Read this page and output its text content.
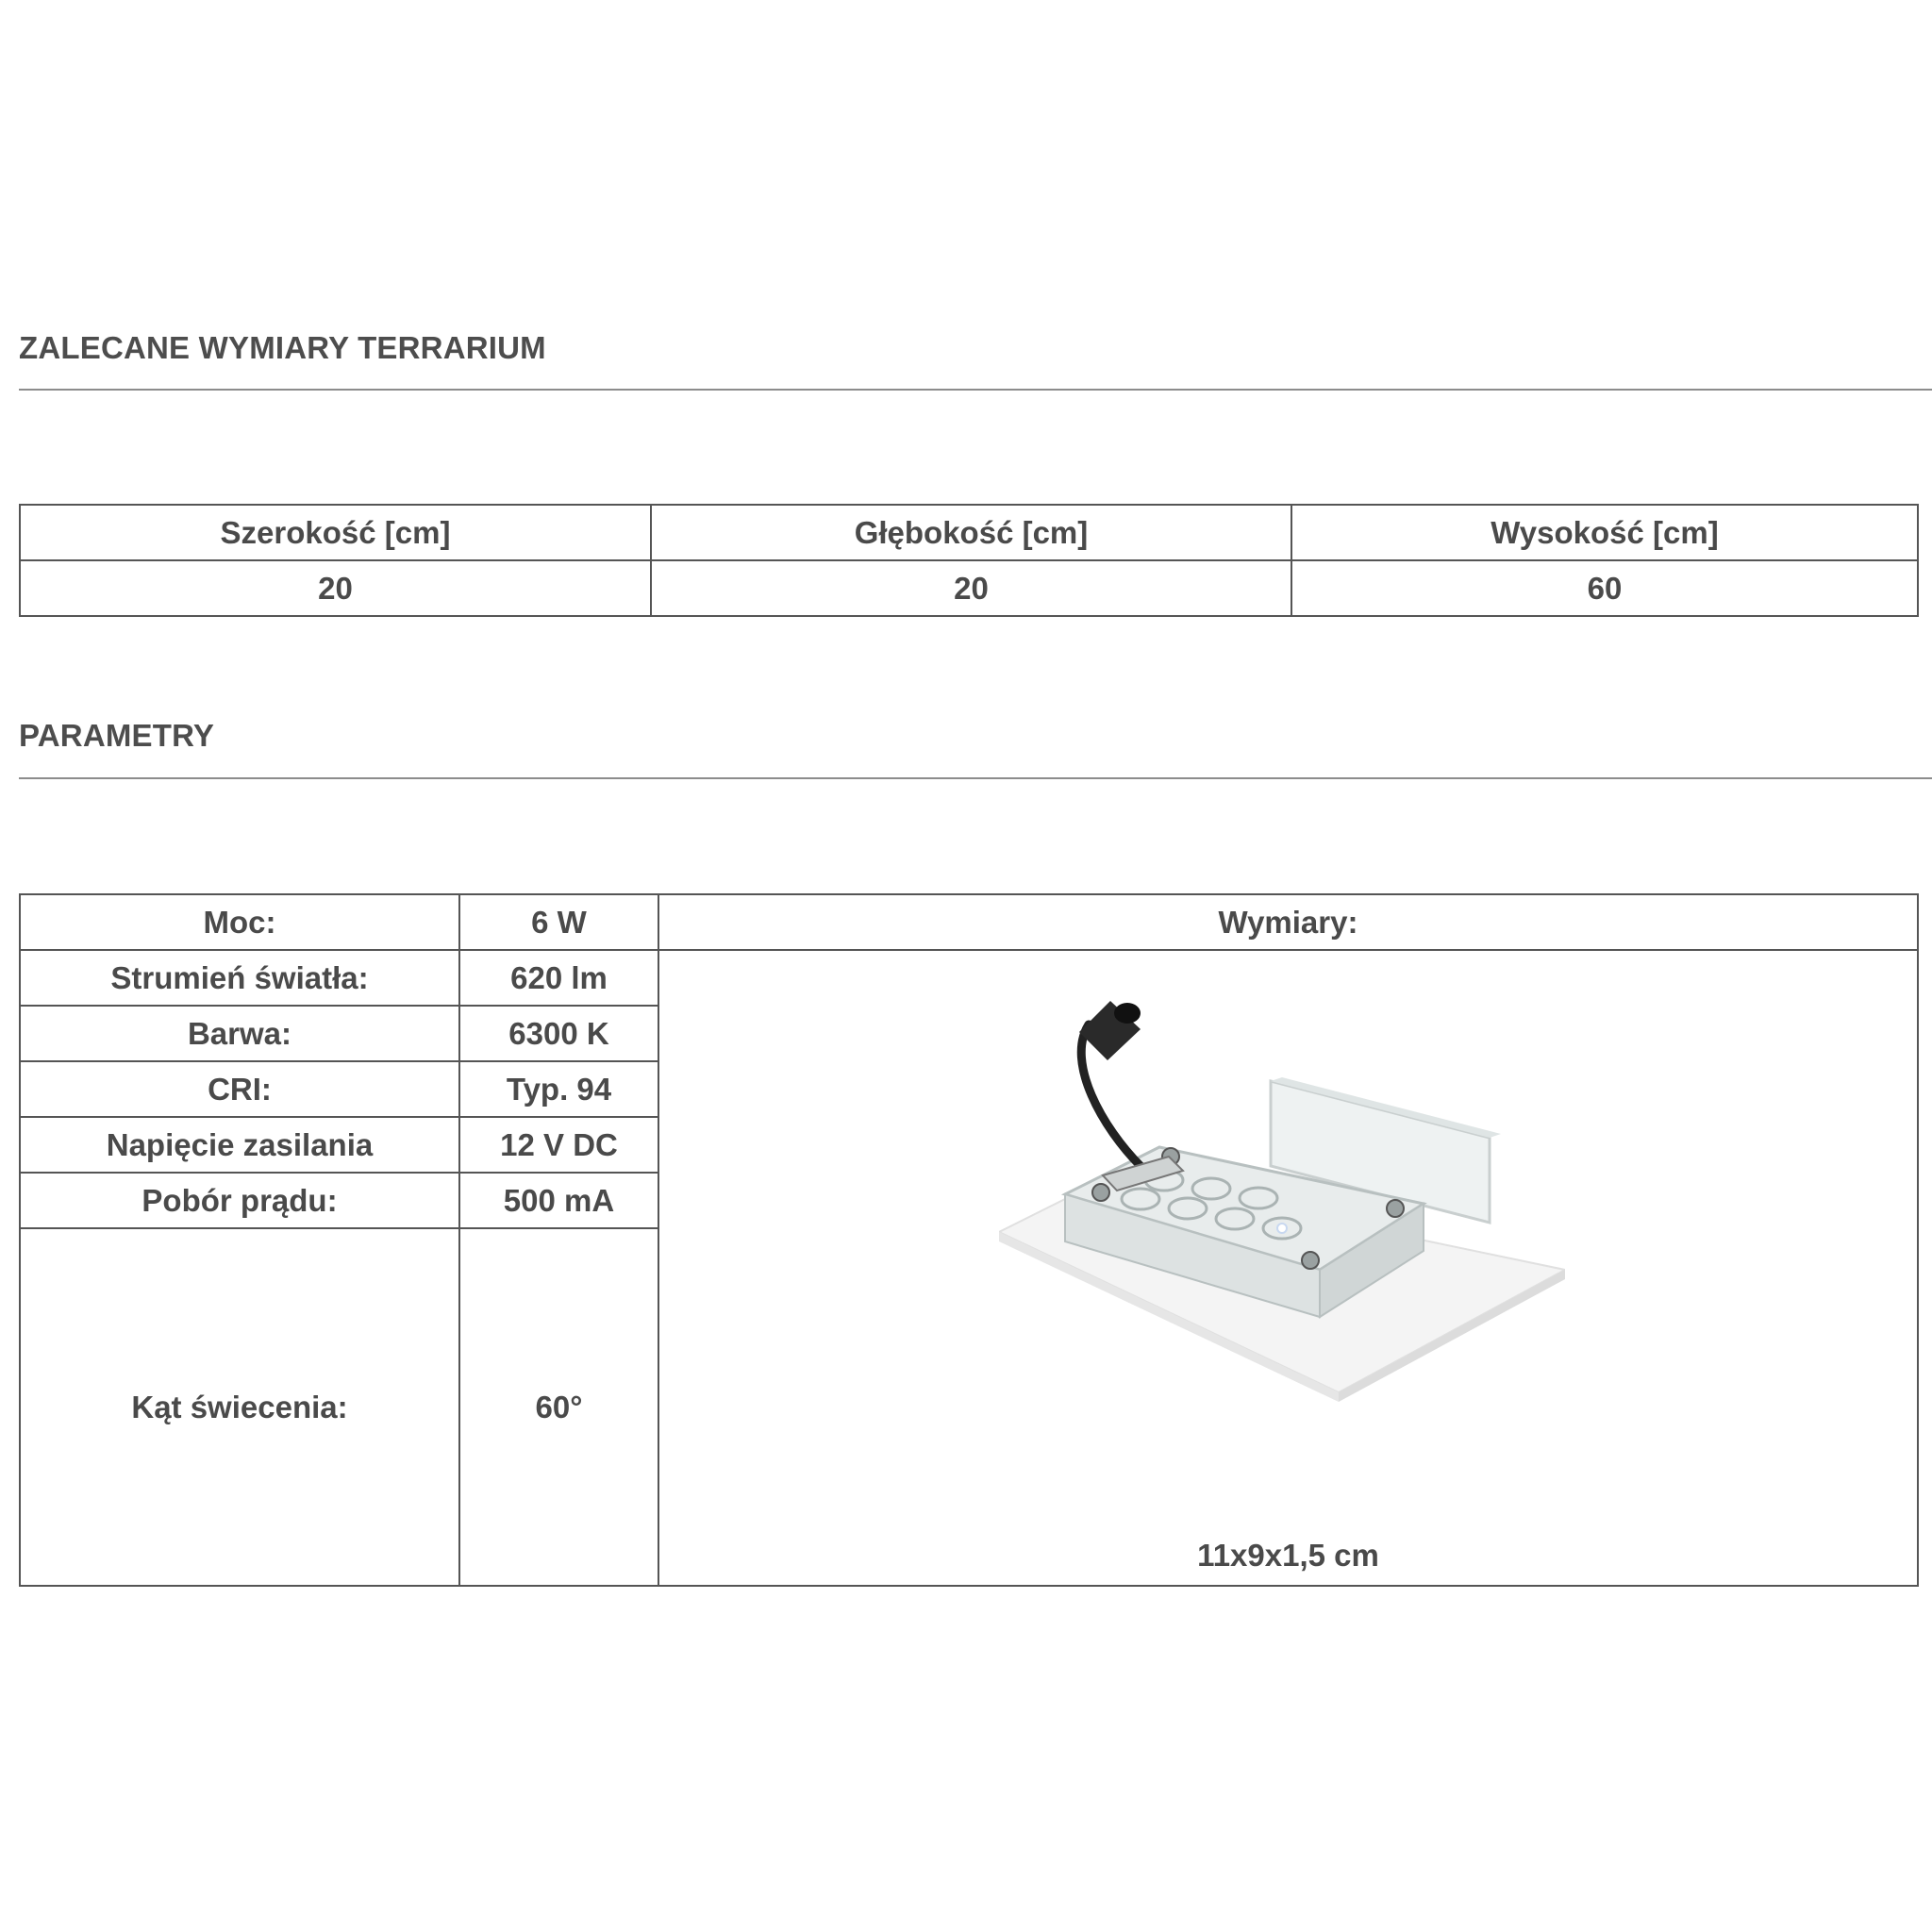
ZALECANE WYMIARY TERRARIUM
Szerokość [cm]	Głębokość [cm]	Wysokość [cm]
20	20	60
PARAMETRY
Moc:	6 W	Wymiary:
Strumień światła:	620 lm	11x9x1,5 cm

Barwa:	6300 K	
CRI:	Typ. 94	
Napięcie zasilania	12 V DC	
Pobór prądu:	500 mA	
Kąt świecenia:	60°	
